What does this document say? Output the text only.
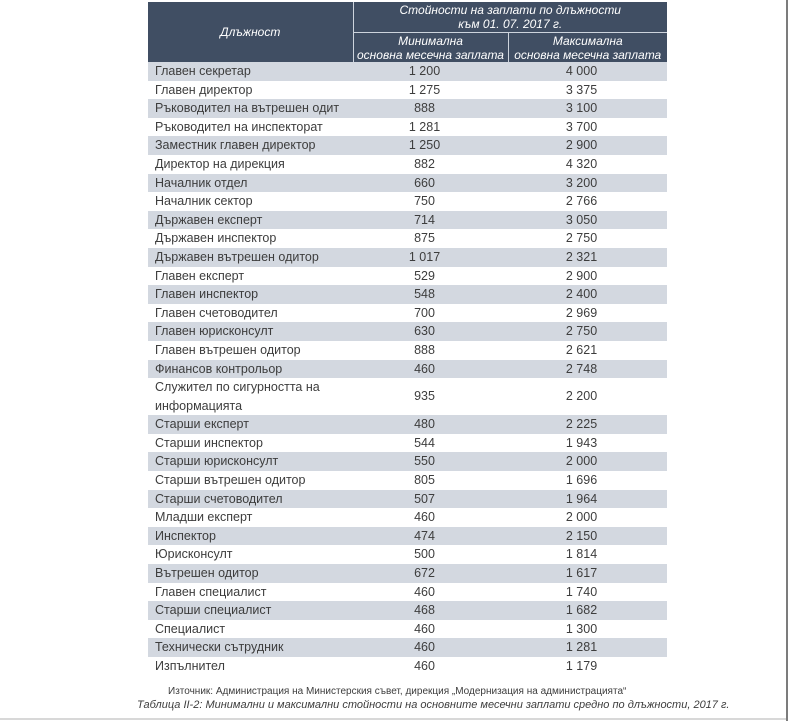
Длъжност	Стойности на заплати по длъжности
към 01. 07. 2017 г.	

Минимална
основна месечна заплата

Максимална
основна месечна заплата

Главен секретар	1 200	4 000
Главен директор	1 275	3 375
Ръководител на вътрешен одит	888	3 100
Ръководител на инспекторат	1 281	3 700
Заместник главен директор	1 250	2 900
Директор на дирекция	882	4 320
Началник отдел	660	3 200
Началник сектор	750	2 766
Държавен експерт	714	3 050
Държавен инспектор	875	2 750
Държавен вътрешен одитор	1 017	2 321
Главен експерт	529	2 900
Главен инспектор	548	2 400
Главен счетоводител	700	2 969
Главен юрисконсулт	630	2 750
Главен вътрешен одитор	888	2 621
Финансов контрольор	460	2 748
Служител по сигурността на информацията	935	2 200
Старши експерт	480	2 225
Старши инспектор	544	1 943
Старши юрисконсулт	550	2 000
Старши вътрешен одитор	805	1 696
Старши счетоводител	507	1 964
Младши експерт	460	2 000
Инспектор	474	2 150
Юрисконсулт	500	1 814
Вътрешен одитор	672	1 617
Главен специалист	460	1 740
Старши специалист	468	1 682
Специалист	460	1 300
Технически сътрудник	460	1 281
Изпълнител	460	1 179
Източник: Администрация на Министерския съвет, дирекция „Модернизация на администрацията“
Таблица II-2: Минимални и максимални стойности на основните месечни заплати средно по длъжности, 2017 г.
